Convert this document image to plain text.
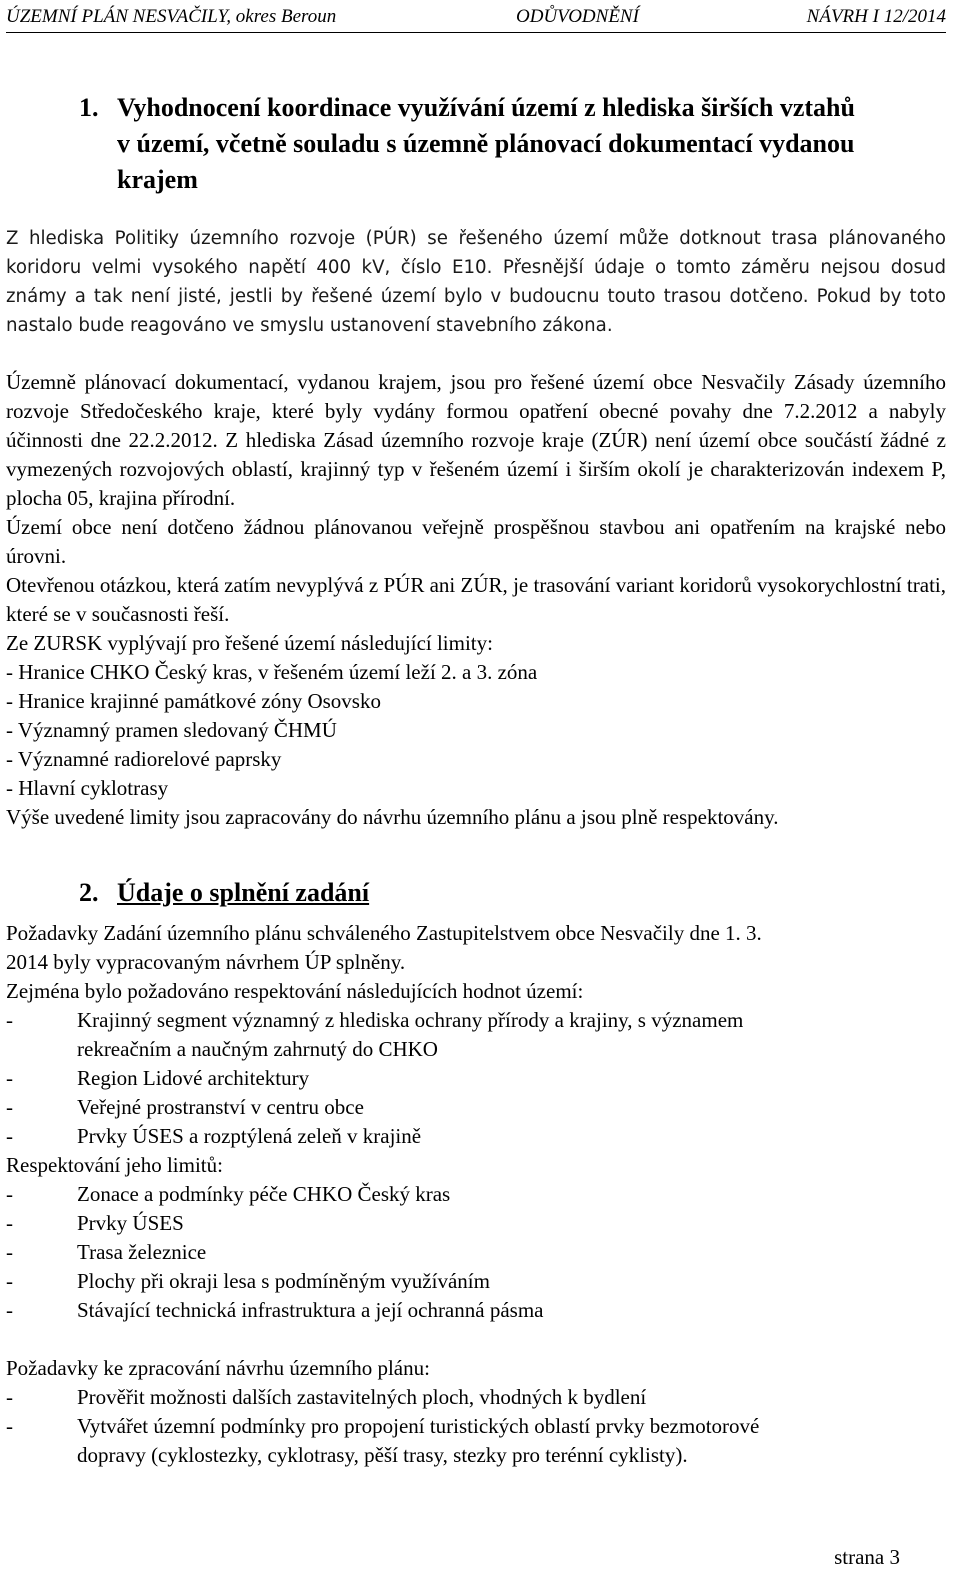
ÚZEMNÍ PLÁN NESVAČILY, okres Beroun	ODŮVODNĚNÍ	NÁVRH I 12/2014
1. Vyhodnocení koordinace využívání území z hlediska širších vztahů
v území, včetně souladu s územně plánovací dokumentací vydanou
krajem
Z hlediska Politiky územního rozvoje (PÚR) se řešeného území může dotknout trasa plánovaného koridoru velmi vysokého napětí 400 kV, číslo E10. Přesnější údaje o tomto záměru nejsou dosud známy a tak není jisté, jestli by řešené území bylo v budoucnu touto trasou dotčeno. Pokud by toto nastalo bude reagováno ve smyslu ustanovení stavebního zákona.
Územně plánovací dokumentací, vydanou krajem, jsou pro řešené území obce Nesvačily Zásady územního rozvoje Středočeského kraje, které byly vydány formou opatření obecné povahy dne 7.2.2012 a nabyly účinnosti dne 22.2.2012. Z hlediska Zásad územního rozvoje kraje (ZÚR) není území obce součástí žádné z vymezených rozvojových oblastí, krajinný typ v řešeném území i širším okolí je charakterizován indexem P, plocha 05, krajina přírodní.
Území obce není dotčeno žádnou plánovanou veřejně prospěšnou stavbou ani opatřením na krajské nebo úrovni.
Otevřenou otázkou, která zatím nevyplývá z PÚR ani ZÚR, je trasování variant koridorů vysokorychlostní trati, které se v současnosti řeší.
Ze ZURSK vyplývají pro řešené území následující limity:
- Hranice CHKO Český kras, v řešeném území leží 2. a 3. zóna
- Hranice krajinné památkové zóny Osovsko
- Významný pramen sledovaný ČHMÚ
- Významné radiorelové paprsky
- Hlavní cyklotrasy
Výše uvedené limity jsou zapracovány do návrhu územního plánu a jsou plně respektovány.
2. Údaje o splnění zadání
Požadavky Zadání územního plánu schváleného Zastupitelstvem obce Nesvačily dne 1. 3.
2014 byly vypracovaným návrhem ÚP splněny.
Zejména bylo požadováno respektování následujících hodnot území:
-	Krajinný segment významný z hlediska ochrany přírody a krajiny, s významem
rekreačním a naučným zahrnutý do CHKO
-	Region Lidové architektury
-	Veřejné prostranství v centru obce
-	Prvky ÚSES a rozptýlená zeleň v krajině
Respektování jeho limitů:
-	Zonace a podmínky péče CHKO Český kras
-	Prvky ÚSES
-	Trasa železnice
-	Plochy při okraji lesa s podmíněným využíváním
-	Stávající technická infrastruktura a její ochranná pásma
Požadavky ke zpracování návrhu územního plánu:
-	Prověřit možnosti dalších zastavitelných ploch, vhodných k bydlení
-	Vytvářet územní podmínky pro propojení turistických oblastí prvky bezmotorové
dopravy (cyklostezky, cyklotrasy, pěší trasy, stezky pro terénní cyklisty).
strana 3
